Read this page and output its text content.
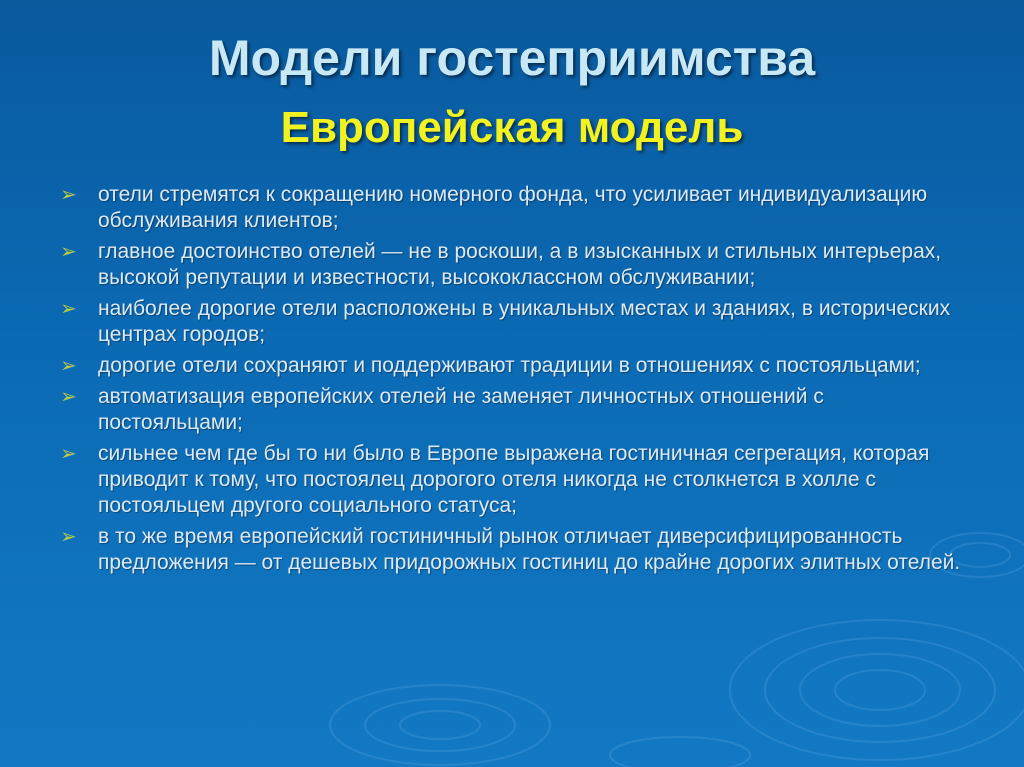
Модели гостеприимства
Европейская модель
➢ отели стремятся к сокращению номерного фонда, что усиливает индивидуализацию обслуживания клиентов;
➢ главное достоинство отелей — не в роскоши, а в изысканных и стильных интерьерах, высокой репутации и известности, высококлассном обслуживании;
➢ наиболее дорогие отели расположены в уникальных местах и зданиях, в исторических центрах городов;
➢ дорогие отели сохраняют и поддерживают традиции в отношениях с постояльцами;
➢ автоматизация европейских отелей не заменяет личностных отношений с постояльцами;
➢ сильнее чем где бы то ни было в Европе выражена гостиничная сегрегация, которая приводит к тому, что постоялец дорогого отеля никогда не столкнется в холле с постояльцем другого социального статуса;
➢ в то же время европейский гостиничный рынок отличает диверсифицированность предложения — от дешевых придорожных гостиниц до крайне дорогих элитных отелей.
